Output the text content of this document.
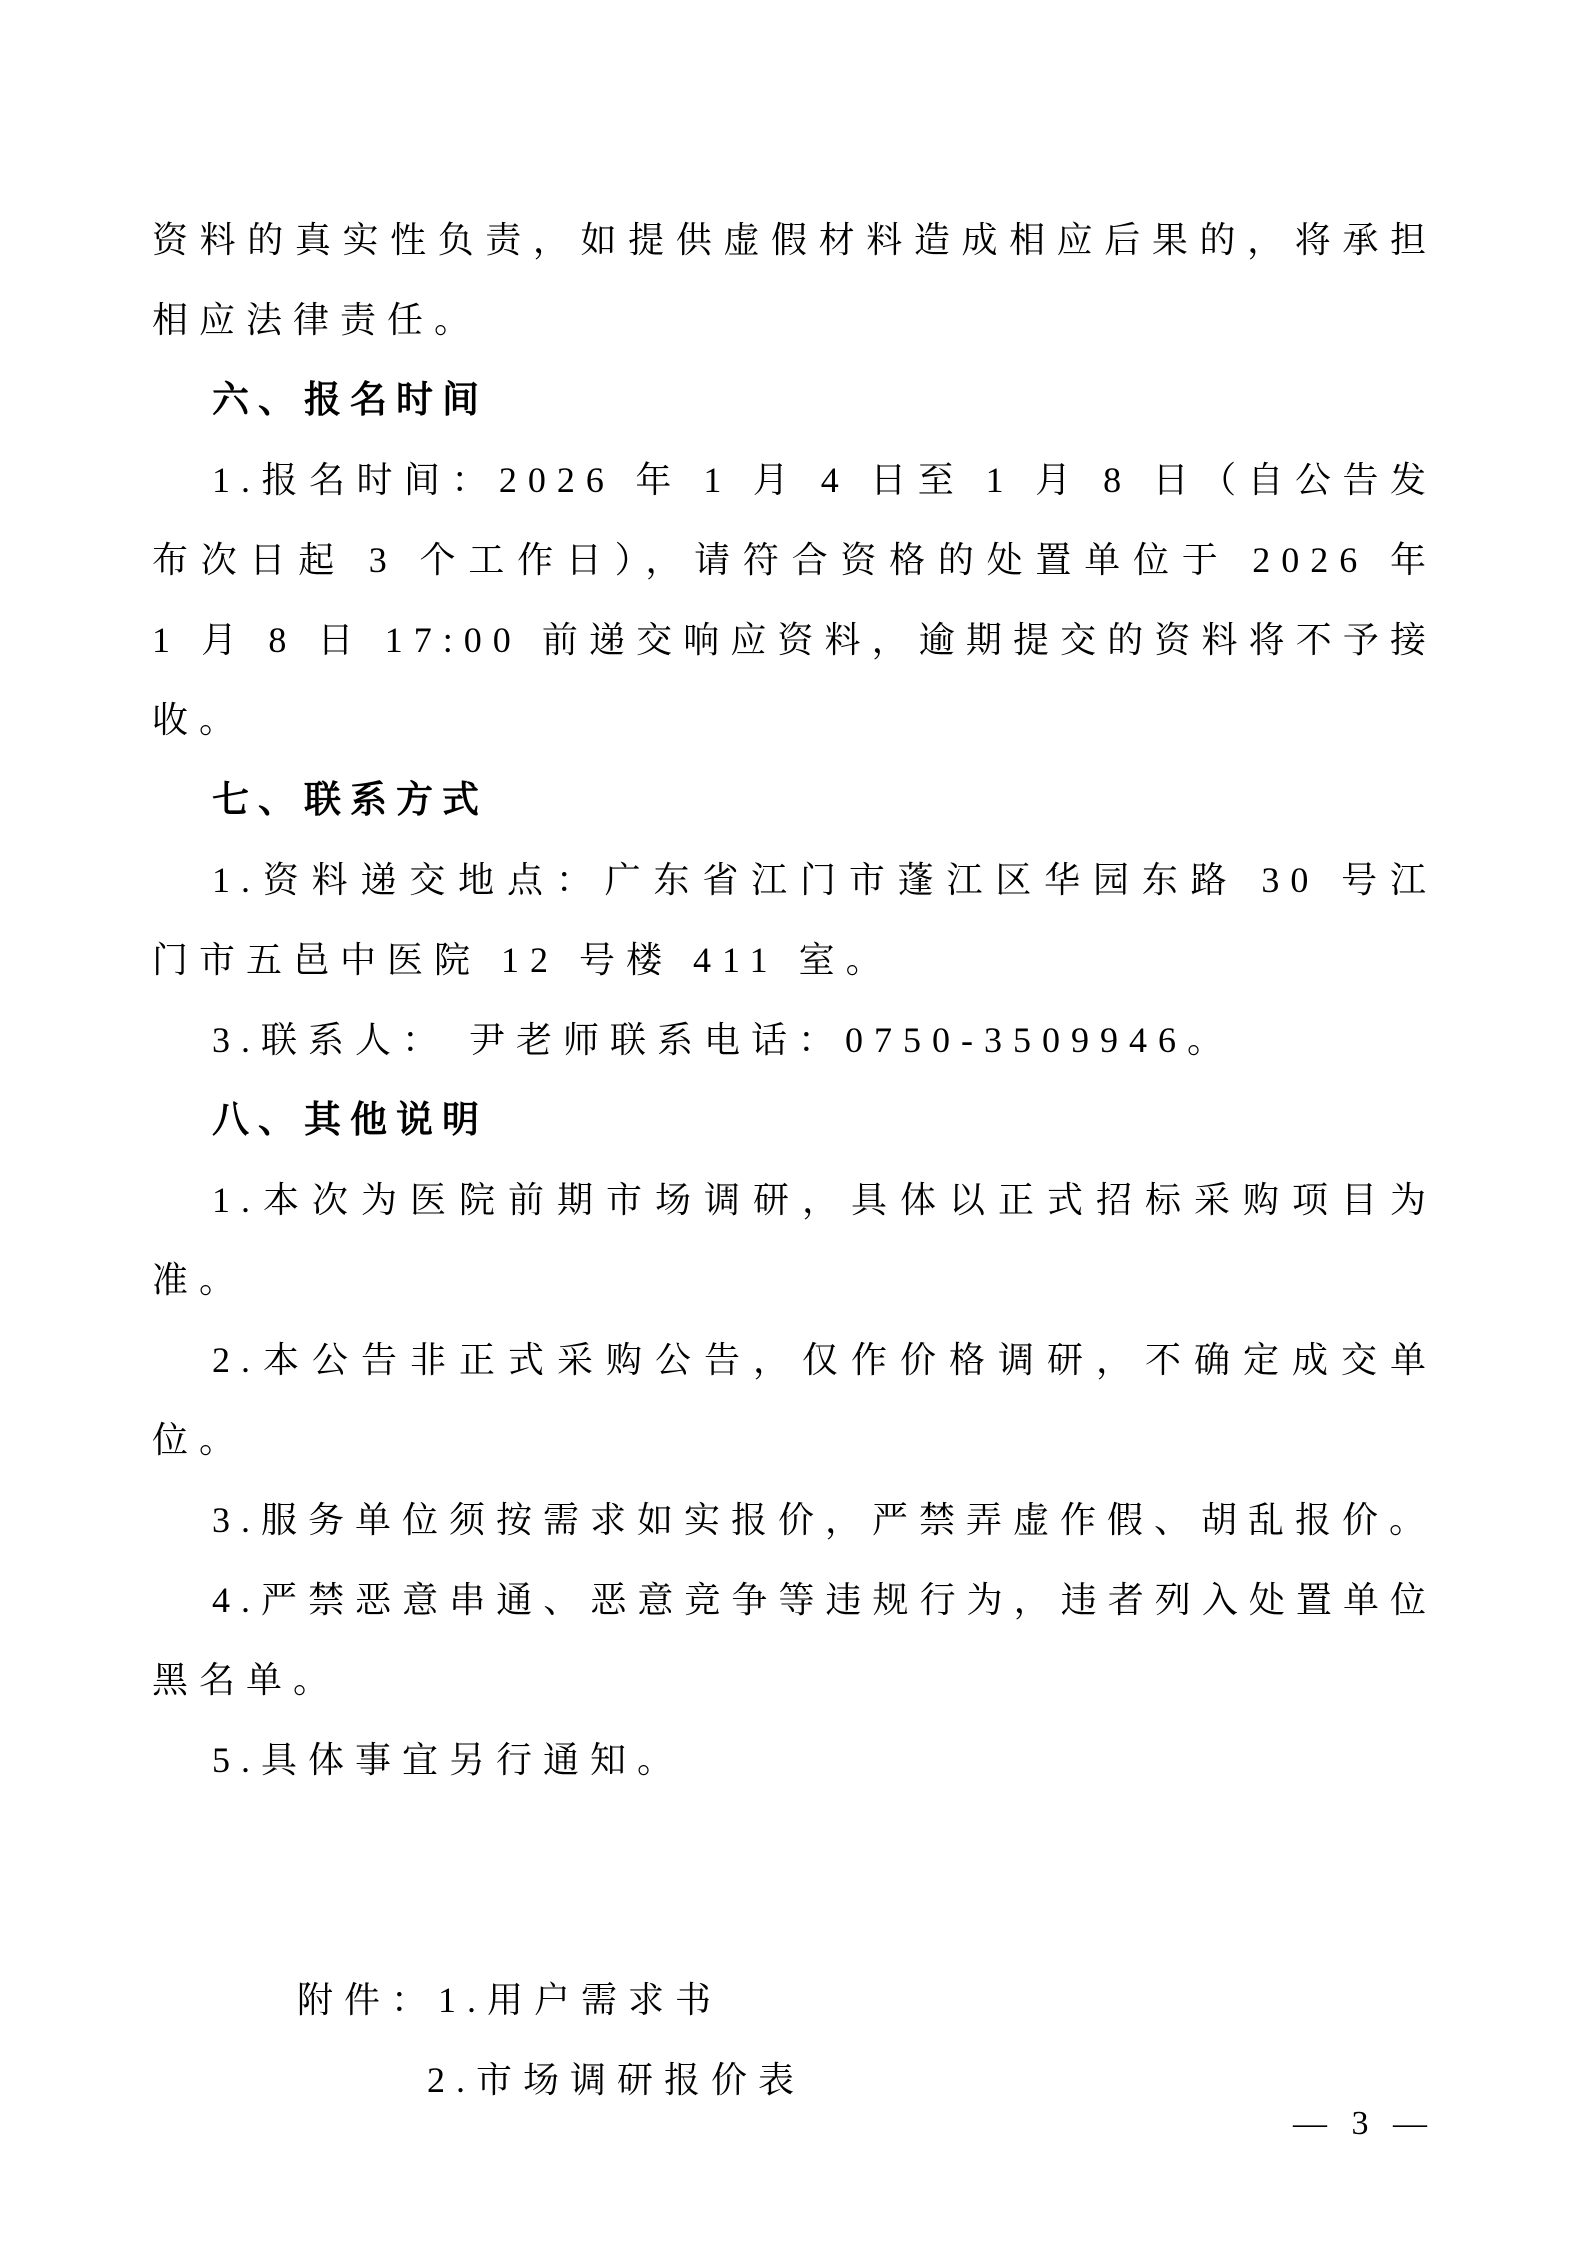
资料的真实性负责，如提供虚假材料造成相应后果的，将承担相应法律责任。

六、报名时间

1.报名时间：2026 年 1 月 4 日至 1 月 8 日（自公告发布次日起 3 个工作日），请符合资格的处置单位于 2026 年 1 月 8 日 17:00 前递交响应资料，逾期提交的资料将不予接收。

七、联系方式

1.资料递交地点：广东省江门市蓬江区华园东路 30 号江门市五邑中医院 12 号楼 411 室。

3.联系人： 尹老师联系电话：0750-3509946。

八、其他说明

1.本次为医院前期市场调研，具体以正式招标采购项目为准。

2.本公告非正式采购公告，仅作价格调研，不确定成交单位。

3.服务单位须按需求如实报价，严禁弄虚作假、胡乱报价。

4.严禁恶意串通、恶意竞争等违规行为，违者列入处置单位黑名单。

5.具体事宜另行通知。

附件：1.用户需求书

2.市场调研报价表

— 3 —
